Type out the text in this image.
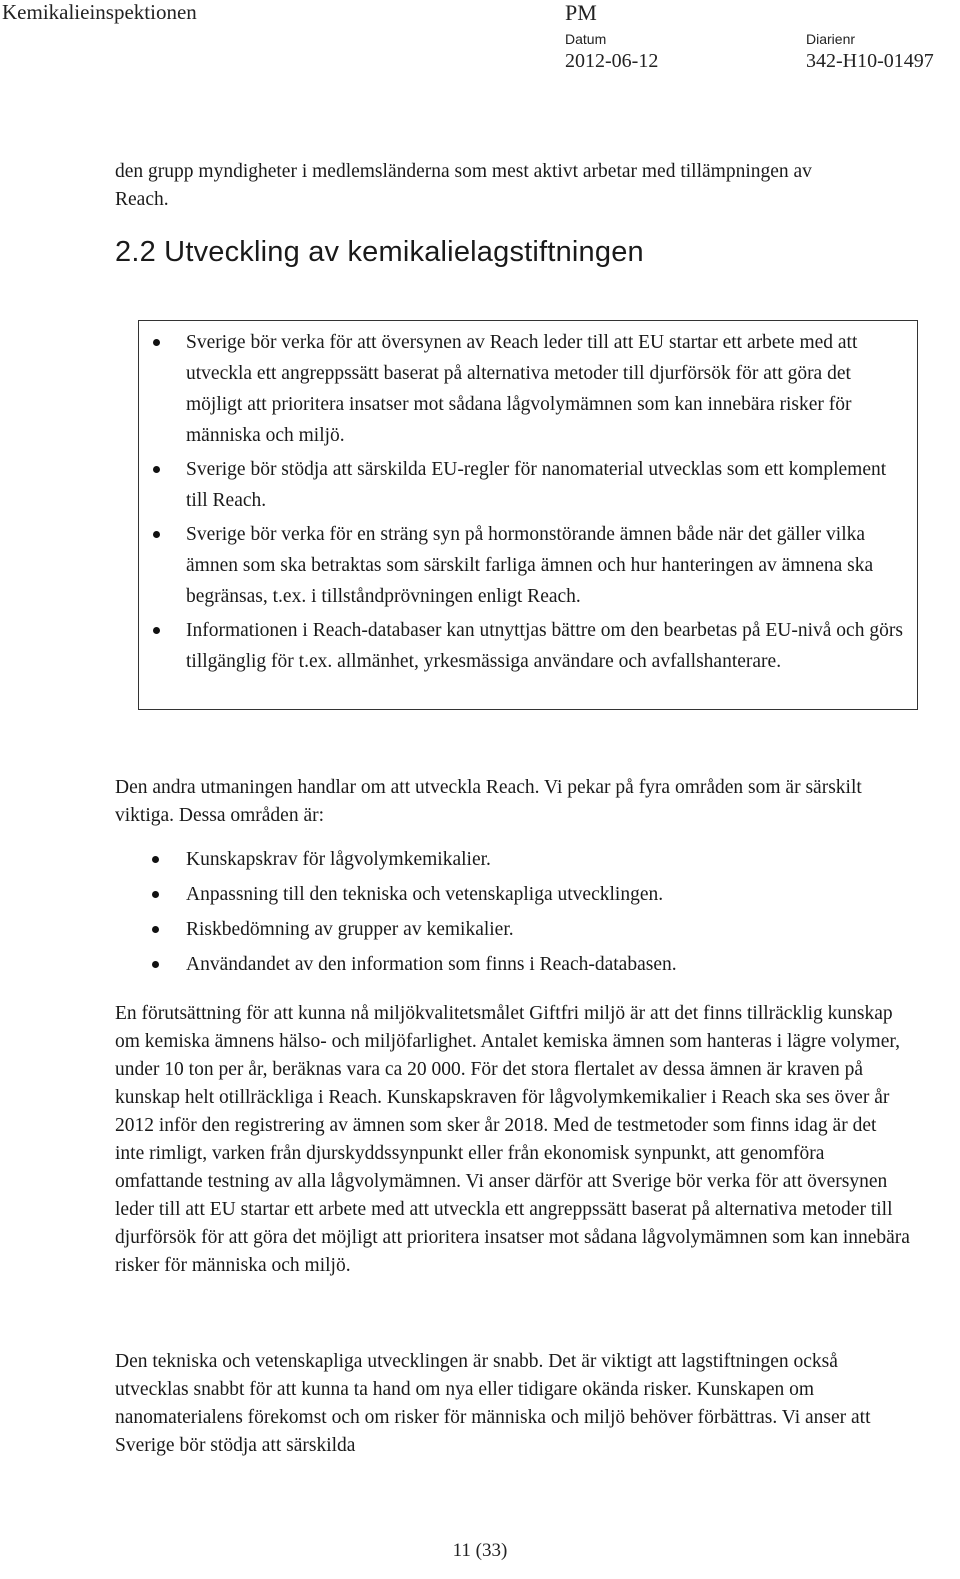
Kemikalieinspektionen	PM
Datum
2012-06-12
Diarienr
342-H10-01497

den grupp myndigheter i medlemsländerna som mest aktivt arbetar med tillämpningen av Reach.

2.2 Utveckling av kemikalielagstiftningen
Sverige bör verka för att översynen av Reach leder till att EU startar ett arbete med att utveckla ett angreppssätt baserat på alternativa metoder till djurförsök för att göra det möjligt att prioritera insatser mot sådana lågvolymämnen som kan innebära risker för människa och miljö.
Sverige bör stödja att särskilda EU-regler för nanomaterial utvecklas som ett komplement till Reach.
Sverige bör verka för en sträng syn på hormonstörande ämnen både när det gäller vilka ämnen som ska betraktas som särskilt farliga ämnen och hur hanteringen av ämnena ska begränsas, t.ex. i tillståndprövningen enligt Reach.
Informationen i Reach-databaser kan utnyttjas bättre om den bearbetas på EU-nivå och görs tillgänglig för t.ex. allmänhet, yrkesmässiga användare och avfallshanterare.

Den andra utmaningen handlar om att utveckla Reach. Vi pekar på fyra områden som är särskilt viktiga. Dessa områden är:

Kunskapskrav för lågvolymkemikalier.
Anpassning till den tekniska och vetenskapliga utvecklingen.
Riskbedömning av grupper av kemikalier.
Användandet av den information som finns i Reach-databasen.

En förutsättning för att kunna nå miljökvalitetsmålet Giftfri miljö är att det finns tillräcklig kunskap om kemiska ämnens hälso- och miljöfarlighet. Antalet kemiska ämnen som hanteras i lägre volymer, under 10 ton per år, beräknas vara ca 20 000. För det stora flertalet av dessa ämnen är kraven på kunskap helt otillräckliga i Reach. Kunskapskraven för lågvolymkemikalier i Reach ska ses över år 2012 inför den registrering av ämnen som sker år 2018. Med de testmetoder som finns idag är det inte rimligt, varken från djurskyddssynpunkt eller från ekonomisk synpunkt, att genomföra omfattande testning av alla lågvolymämnen. Vi anser därför att Sverige bör verka för att översynen leder till att EU startar ett arbete med att utveckla ett angreppssätt baserat på alternativa metoder till djurförsök för att göra det möjligt att prioritera insatser mot sådana lågvolymämnen som kan innebära risker för människa och miljö.

Den tekniska och vetenskapliga utvecklingen är snabb. Det är viktigt att lagstiftningen också utvecklas snabbt för att kunna ta hand om nya eller tidigare okända risker. Kunskapen om nanomaterialens förekomst och om risker för människa och miljö behöver förbättras. Vi anser att Sverige bör stödja att särskilda

11 (33)
